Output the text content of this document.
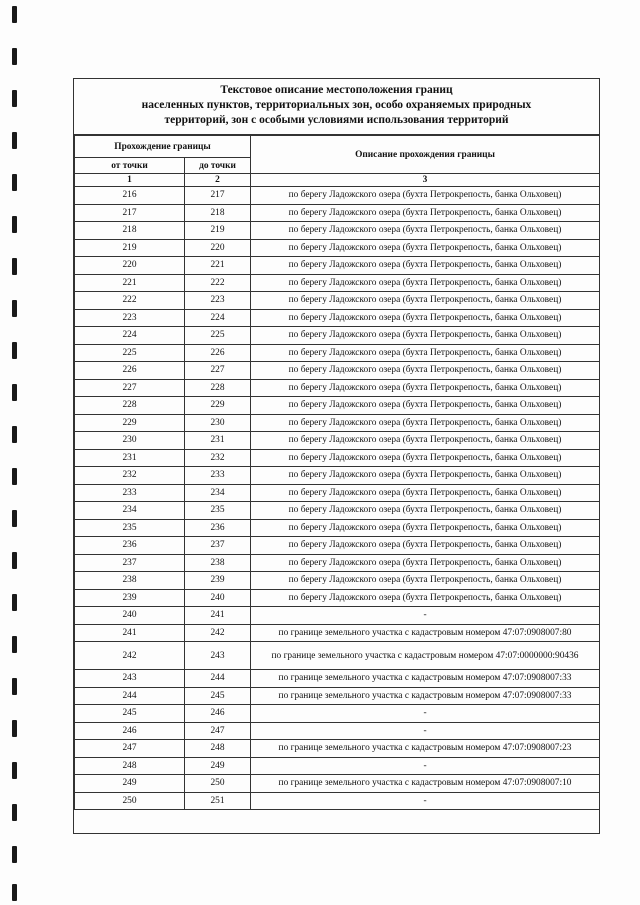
Текстовое описание местоположения границ
населенных пунктов, территориальных зон, особо охраняемых природных
территорий, зон с особыми условиями использования территорий
Прохождение границы		Описание прохождения границы
от точки	до точки	
1	2	3
216	217	по берегу Ладожского озера (бухта Петрокрепость, банка Ольховец)
217	218	по берегу Ладожского озера (бухта Петрокрепость, банка Ольховец)
218	219	по берегу Ладожского озера (бухта Петрокрепость, банка Ольховец)
219	220	по берегу Ладожского озера (бухта Петрокрепость, банка Ольховец)
220	221	по берегу Ладожского озера (бухта Петрокрепость, банка Ольховец)
221	222	по берегу Ладожского озера (бухта Петрокрепость, банка Ольховец)
222	223	по берегу Ладожского озера (бухта Петрокрепость, банка Ольховец)
223	224	по берегу Ладожского озера (бухта Петрокрепость, банка Ольховец)
224	225	по берегу Ладожского озера (бухта Петрокрепость, банка Ольховец)
225	226	по берегу Ладожского озера (бухта Петрокрепость, банка Ольховец)
226	227	по берегу Ладожского озера (бухта Петрокрепость, банка Ольховец)
227	228	по берегу Ладожского озера (бухта Петрокрепость, банка Ольховец)
228	229	по берегу Ладожского озера (бухта Петрокрепость, банка Ольховец)
229	230	по берегу Ладожского озера (бухта Петрокрепость, банка Ольховец)
230	231	по берегу Ладожского озера (бухта Петрокрепость, банка Ольховец)
231	232	по берегу Ладожского озера (бухта Петрокрепость, банка Ольховец)
232	233	по берегу Ладожского озера (бухта Петрокрепость, банка Ольховец)
233	234	по берегу Ладожского озера (бухта Петрокрепость, банка Ольховец)
234	235	по берегу Ладожского озера (бухта Петрокрепость, банка Ольховец)
235	236	по берегу Ладожского озера (бухта Петрокрепость, банка Ольховец)
236	237	по берегу Ладожского озера (бухта Петрокрепость, банка Ольховец)
237	238	по берегу Ладожского озера (бухта Петрокрепость, банка Ольховец)
238	239	по берегу Ладожского озера (бухта Петрокрепость, банка Ольховец)
239	240	по берегу Ладожского озера (бухта Петрокрепость, банка Ольховец)
240	241	-
241	242	по границе земельного участка с кадастровым номером 47:07:0908007:80
242	243	по границе земельного участка с кадастровым номером 47:07:0000000:90436
243	244	по границе земельного участка с кадастровым номером 47:07:0908007:33
244	245	по границе земельного участка с кадастровым номером 47:07:0908007:33
245	246	-
246	247	-
247	248	по границе земельного участка с кадастровым номером 47:07:0908007:23
248	249	-
249	250	по границе земельного участка с кадастровым номером 47:07:0908007:10
250	251	-
